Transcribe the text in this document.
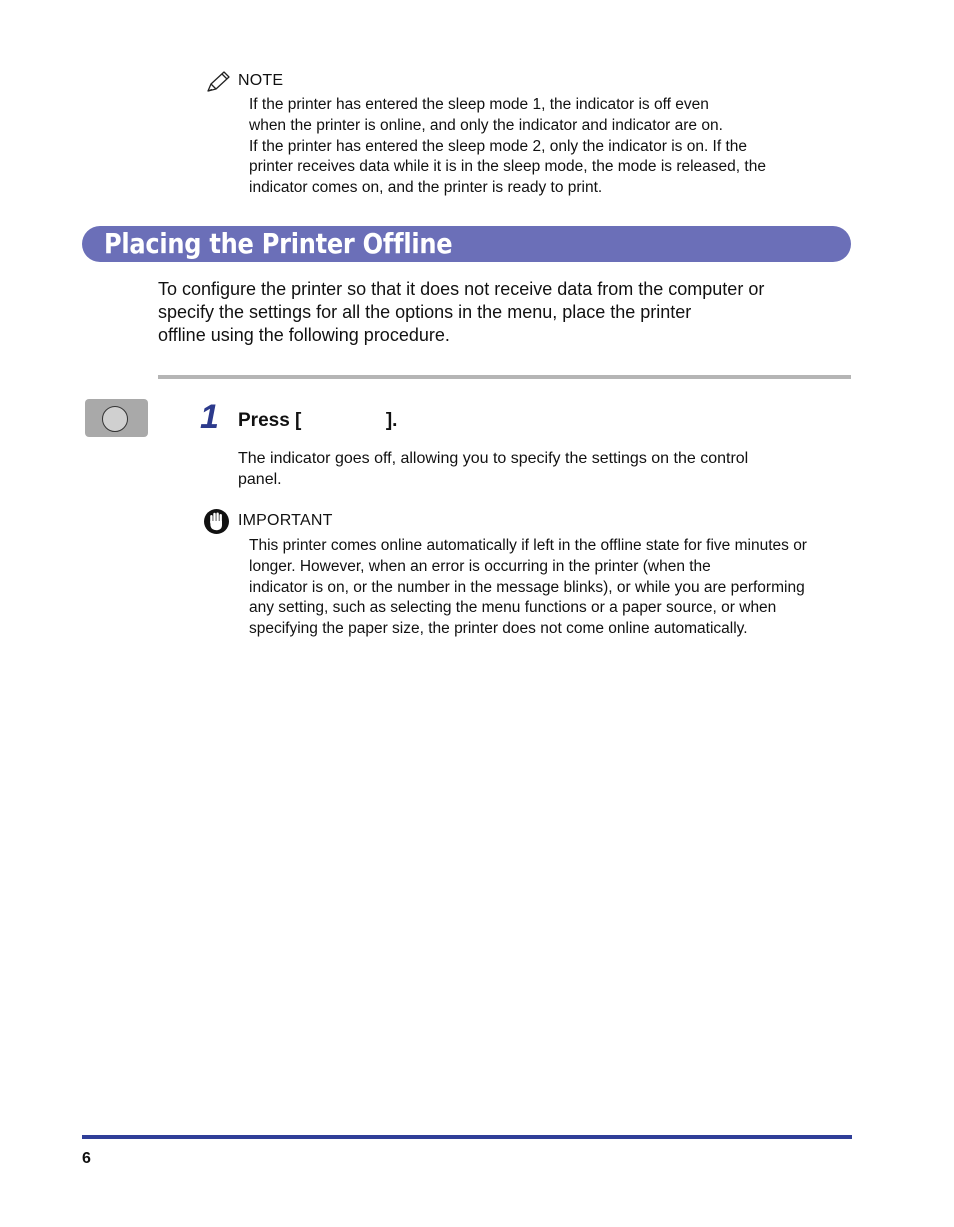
NOTE
If the printer has entered the sleep mode 1, the indicator is off even
when the printer is online, and only the indicator and indicator are on.
If the printer has entered the sleep mode 2, only the indicator is on. If the
printer receives data while it is in the sleep mode, the mode is released, the
indicator comes on, and the printer is ready to print.
Placing the Printer Offline
To configure the printer so that it does not receive data from the computer or
specify the settings for all the options in the menu, place the printer
offline using the following procedure.
1 Press [                ].
The indicator goes off, allowing you to specify the settings on the control
panel.
IMPORTANT
This printer comes online automatically if left in the offline state for five minutes or
longer. However, when an error is occurring in the printer (when the
indicator is on, or the number in the message blinks), or while you are performing
any setting, such as selecting the menu functions or a paper source, or when
specifying the paper size, the printer does not come online automatically.
6
